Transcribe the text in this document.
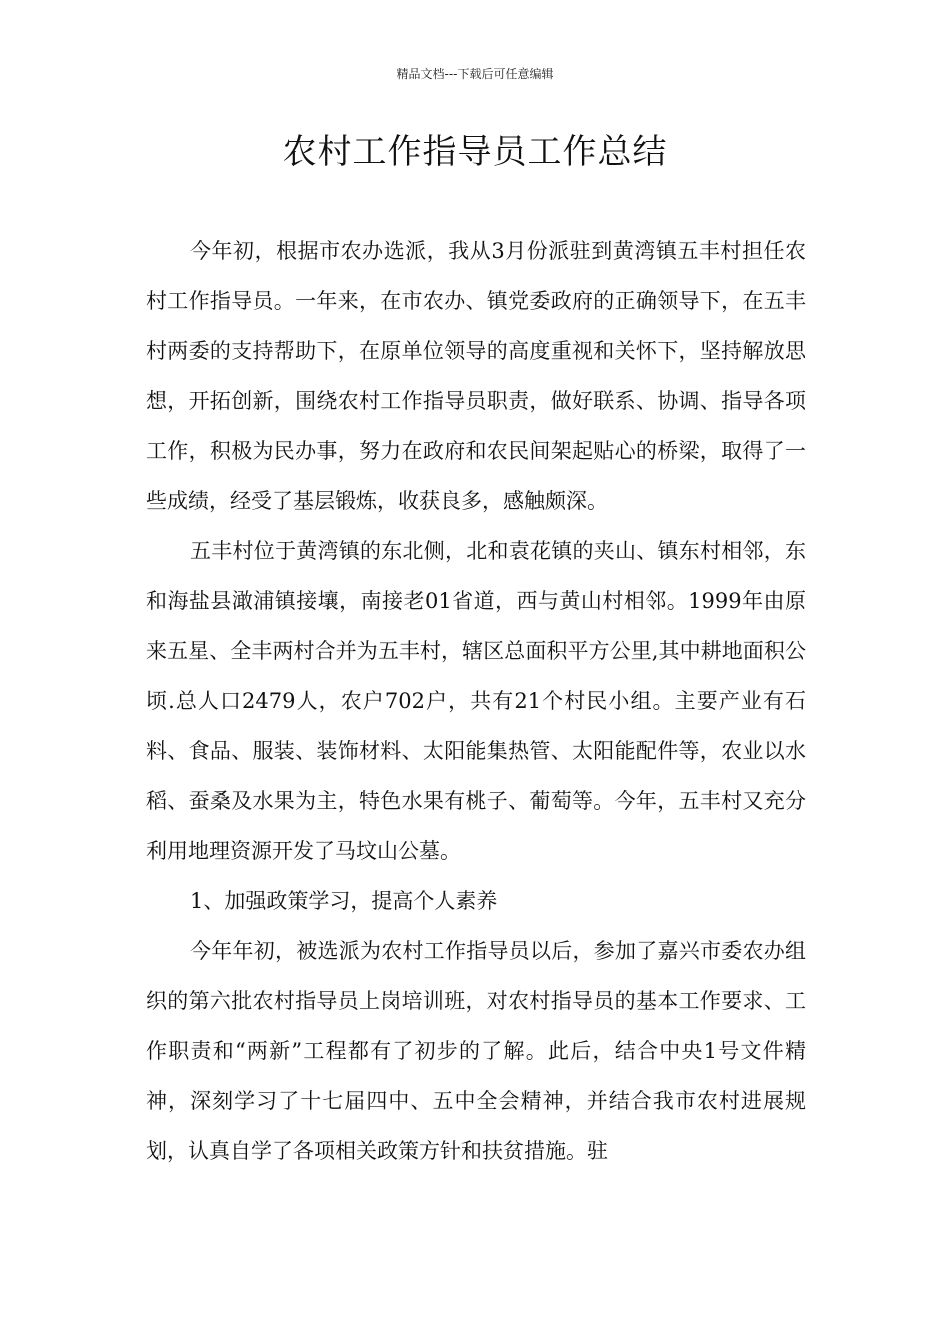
精品文档---下载后可任意编辑
农村工作指导员工作总结

今年初，根据市农办选派，我从3月份派驻到黄湾镇五丰村担任农村工作指导员。一年来，在市农办、镇党委政府的正确领导下，在五丰村两委的支持帮助下，在原单位领导的高度重视和关怀下，坚持解放思想，开拓创新，围绕农村工作指导员职责，做好联系、协调、指导各项工作，积极为民办事，努力在政府和农民间架起贴心的桥梁，取得了一些成绩，经受了基层锻炼，收获良多，感触颇深。

五丰村位于黄湾镇的东北侧，北和袁花镇的夹山、镇东村相邻，东和海盐县澉浦镇接壤，南接老01省道，西与黄山村相邻。1999年由原来五星、全丰两村合并为五丰村，辖区总面积平方公里,其中耕地面积公顷.总人口2479人，农户702户，共有21个村民小组。主要产业有石料、食品、服装、装饰材料、太阳能集热管、太阳能配件等，农业以水稻、蚕桑及水果为主，特色水果有桃子、葡萄等。今年，五丰村又充分利用地理资源开发了马坟山公墓。

1、加强政策学习，提高个人素养

今年年初，被选派为农村工作指导员以后，参加了嘉兴市委农办组织的第六批农村指导员上岗培训班，对农村指导员的基本工作要求、工作职责和“两新”工程都有了初步的了解。此后，结合中央1号文件精神，深刻学习了十七届四中、五中全会精神，并结合我市农村进展规划，认真自学了各项相关政策方针和扶贫措施。驻
